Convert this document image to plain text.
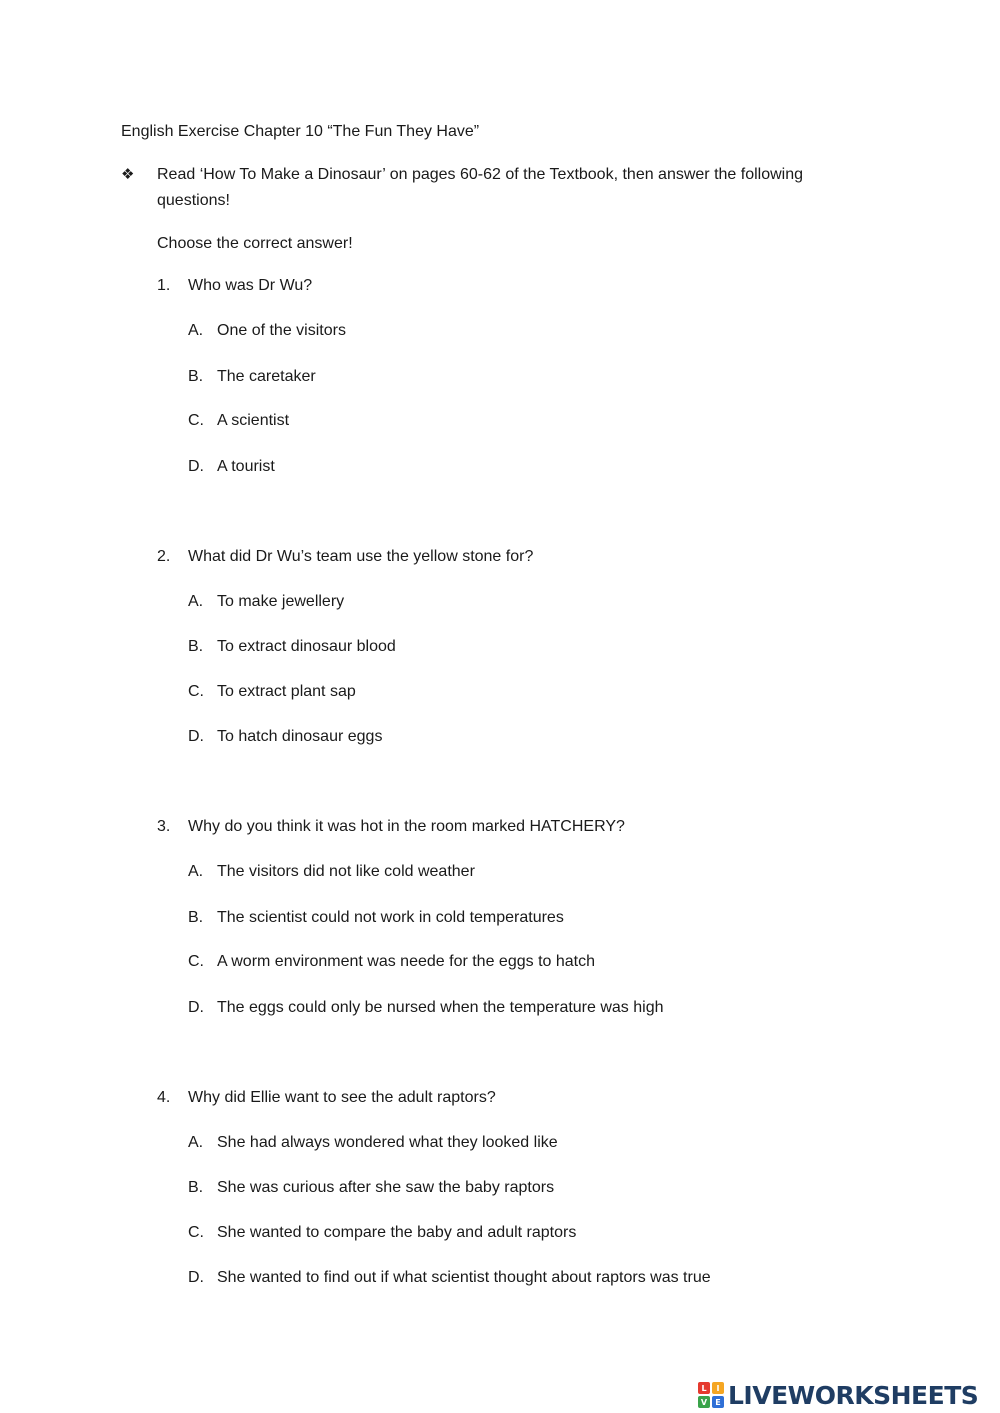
English Exercise Chapter 10 “The Fun They Have”
❖ Read ‘How To Make a Dinosaur’ on pages 60-62 of the Textbook, then answer the following
questions!
Choose the correct answer!
1. Who was Dr Wu?
A. One of the visitors
B. The caretaker
C. A scientist
D. A tourist
2. What did Dr Wu’s team use the yellow stone for?
A. To make jewellery
B. To extract dinosaur blood
C. To extract plant sap
D. To hatch dinosaur eggs
3. Why do you think it was hot in the room marked HATCHERY?
A. The visitors did not like cold weather
B. The scientist could not work in cold temperatures
C. A worm environment was neede for the eggs to hatch
D. The eggs could only be nursed when the temperature was high
4. Why did Ellie want to see the adult raptors?
A. She had always wondered what they looked like
B. She was curious after she saw the baby raptors
C. She wanted to compare the baby and adult raptors
D. She wanted to find out if what scientist thought about raptors was true
L	I
V	E LIVEWORKSHEETS
